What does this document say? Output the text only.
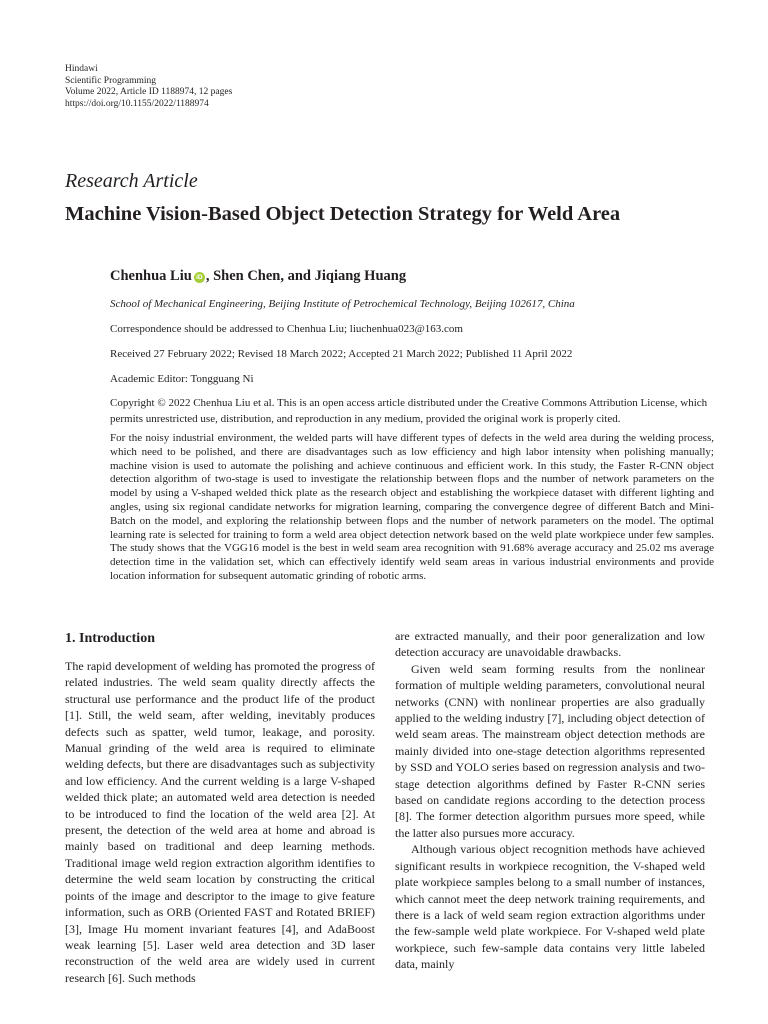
Hindawi
Scientific Programming
Volume 2022, Article ID 1188974, 12 pages
https://doi.org/10.1155/2022/1188974
Research Article
Machine Vision-Based Object Detection Strategy for Weld Area
Chenhua Liu iD , Shen Chen, and Jiqiang Huang
School of Mechanical Engineering, Beijing Institute of Petrochemical Technology, Beijing 102617, China
Correspondence should be addressed to Chenhua Liu; liuchenhua023@163.com
Received 27 February 2022; Revised 18 March 2022; Accepted 21 March 2022; Published 11 April 2022
Academic Editor: Tongguang Ni
Copyright © 2022 Chenhua Liu et al. This is an open access article distributed under the Creative Commons Attribution License, which permits unrestricted use, distribution, and reproduction in any medium, provided the original work is properly cited.

For the noisy industrial environment, the welded parts will have different types of defects in the weld area during the welding process, which need to be polished, and there are disadvantages such as low efficiency and high labor intensity when polishing manually; machine vision is used to automate the polishing and achieve continuous and efficient work. In this study, the Faster R-CNN object detection algorithm of two-stage is used to investigate the relationship between flops and the number of network parameters on the model by using a V-shaped welded thick plate as the research object and establishing the workpiece dataset with different lighting and angles, using six regional candidate networks for migration learning, comparing the convergence degree of different Batch and Mini-Batch on the model, and exploring the relationship between flops and the number of network parameters on the model. The optimal learning rate is selected for training to form a weld area object detection network based on the weld plate workpiece under few samples. The study shows that the VGG16 model is the best in weld seam area recognition with 91.68% average accuracy and 25.02 ms average detection time in the validation set, which can effectively identify weld seam areas in various industrial environments and provide location information for subsequent automatic grinding of robotic arms.

1. Introduction

The rapid development of welding has promoted the progress of related industries. The weld seam quality directly affects the structural use performance and the product life of the product [1]. Still, the weld seam, after welding, inevitably produces defects such as spatter, weld tumor, leakage, and porosity. Manual grinding of the weld area is required to eliminate welding defects, but there are disadvantages such as subjectivity and low efficiency. And the current welding is a large V-shaped welded thick plate; an automated weld area detection is needed to be introduced to find the location of the weld area [2]. At present, the detection of the weld area at home and abroad is mainly based on traditional and deep learning methods. Traditional image weld region extraction algorithm identifies to determine the weld seam location by constructing the critical points of the image and descriptor to the image to give feature information, such as ORB (Oriented FAST and Rotated BRIEF) [3], Image Hu moment invariant features [4], and AdaBoost weak learning [5]. Laser weld area detection and 3D laser reconstruction of the weld area are widely used in current research [6]. Such methods

are extracted manually, and their poor generalization and low detection accuracy are unavoidable drawbacks.

Given weld seam forming results from the nonlinear formation of multiple welding parameters, convolutional neural networks (CNN) with nonlinear properties are also gradually applied to the welding industry [7], including object detection of weld seam areas. The mainstream object detection methods are mainly divided into one-stage detection algorithms represented by SSD and YOLO series based on regression analysis and two-stage detection algorithms defined by Faster R-CNN series based on candidate regions according to the detection process [8]. The former detection algorithm pursues more speed, while the latter also pursues more accuracy.

Although various object recognition methods have achieved significant results in workpiece recognition, the V-shaped weld plate workpiece samples belong to a small number of instances, which cannot meet the deep network training requirements, and there is a lack of weld seam region extraction algorithms under the few-sample weld plate workpiece. For V-shaped weld plate workpiece, such few-sample data contains very little labeled data, mainly
